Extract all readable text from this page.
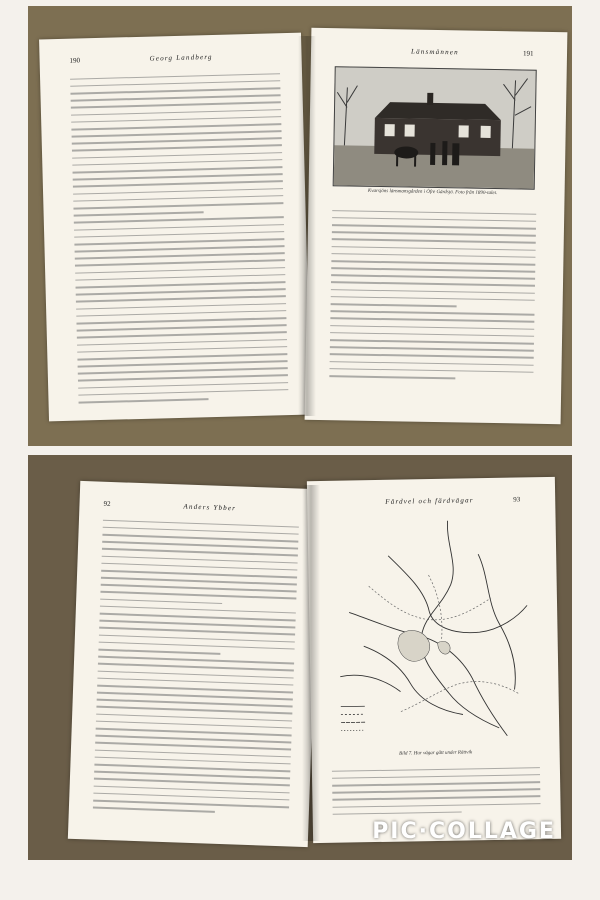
190	Georg Landberg
Länsmännen	191
Kvarsjöns länsmansgården i Öfre Gärdsjö. Foto från 1890-talet.
92	Anders Ybber
Färdvel och färdvägar	93
Bild 7. Hur vägar gått under Rättvik
PIC·COLLAGE
